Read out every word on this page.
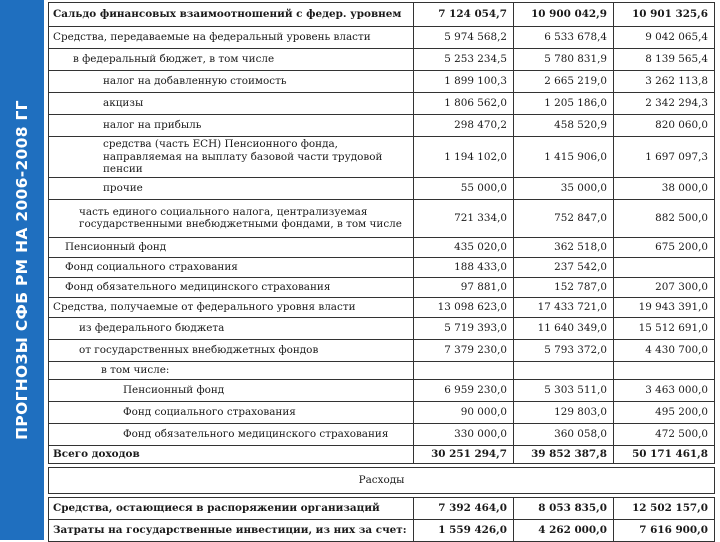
ПРОГНОЗЫ СФБ РМ НА 2006-2008 ГГ
Сальдо финансовых взаимоотношений с федер. уровнем	7 124 054,7	10 900 042,9	10 901 325,6
Средства, передаваемые на федеральный уровень власти	5 974 568,2	6 533 678,4	9 042 065,4
в федеральный бюджет, в том числе	5 253 234,5	5 780 831,9	8 139 565,4
налог на добавленную стоимость	1 899 100,3	2 665 219,0	3 262 113,8
акцизы	1 806 562,0	1 205 186,0	2 342 294,3
налог на прибыль	298 470,2	458 520,9	820 060,0
средства (часть ЕСН) Пенсионного фонда, направляемая на выплату базовой части трудовой пенсии	1 194 102,0	1 415 906,0	1 697 097,3
прочие	55 000,0	35 000,0	38 000,0
часть единого социального налога, централизуемая государственными внебюджетными фондами, в том числе	721 334,0	752 847,0	882 500,0
Пенсионный фонд	435 020,0	362 518,0	675 200,0
Фонд социального страхования	188 433,0	237 542,0	
Фонд обязательного медицинского страхования	97 881,0	152 787,0	207 300,0
Средства, получаемые от федерального уровня власти	13 098 623,0	17 433 721,0	19 943 391,0
из федерального бюджета	5 719 393,0	11 640 349,0	15 512 691,0
от государственных внебюджетных фондов	7 379 230,0	5 793 372,0	4 430 700,0
в том числе:			
Пенсионный фонд	6 959 230,0	5 303 511,0	3 463 000,0
Фонд социального страхования	90 000,0	129 803,0	495 200,0
Фонд обязательного медицинского страхования	330 000,0	360 058,0	472 500,0
Всего доходов	30 251 294,7	39 852 387,8	50 171 461,8

Расходы			

Средства, остающиеся в распоряжении организаций	7 392 464,0	8 053 835,0	12 502 157,0
Затраты на государственные инвестиции, из них за счет:	1 559 426,0	4 262 000,0	7 616 900,0
